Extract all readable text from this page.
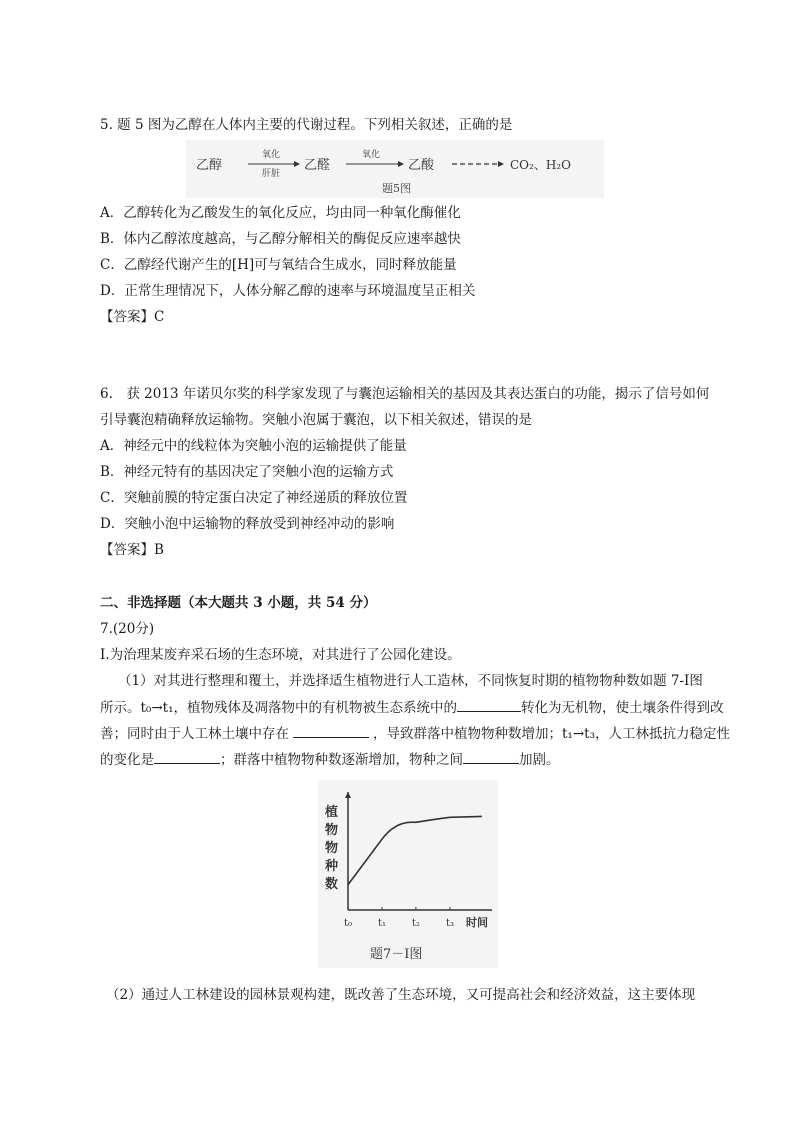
5. 题 5 图为乙醇在人体内主要的代谢过程。下列相关叙述，正确的是
乙醇
氧化
肝脏
乙醛
氧化
乙酸	CO₂、H₂O
题5图
A．乙醇转化为乙酸发生的氧化反应，均由同一种氧化酶催化
B．体内乙醇浓度越高，与乙醇分解相关的酶促反应速率越快
C．乙醇经代谢产生的[H]可与氧结合生成水，同时释放能量
D．正常生理情况下，人体分解乙醇的速率与环境温度呈正相关
【答案】C
6.　获 2013 年诺贝尔奖的科学家发现了与囊泡运输相关的基因及其表达蛋白的功能，揭示了信号如何
引导囊泡精确释放运输物。突触小泡属于囊泡，以下相关叙述，错误的是
A．神经元中的线粒体为突触小泡的运输提供了能量
B．神经元特有的基因决定了突触小泡的运输方式
C．突触前膜的特定蛋白决定了神经递质的释放位置
D．突触小泡中运输物的释放受到神经冲动的影响
【答案】B
二、非选择题（本大题共 3 小题，共 54 分）
7.(20分)
Ⅰ.为治理某废弃采石场的生态环境，对其进行了公园化建设。
（1）对其进行整理和覆土，并选择适生植物进行人工造林，不同恢复时期的植物物种数如题 7-Ⅰ图
所示。t₀→t₁，植物残体及凋落物中的有机物被生态系统中的	转化为无机物，使土壤条件得到改
善；同时由于人工林土壤中存在	，导致群落中植物物种数增加；t₁→t₃，人工林抵抗力稳定性
的变化是	；群落中植物物种数逐渐增加，物种之间	加剧。
植
物
物
种
数
t₀	t₁	t₂	t₃ 时间
题7－Ⅰ图
（2）通过人工林建设的园林景观构建，既改善了生态环境，又可提高社会和经济效益，这主要体现
